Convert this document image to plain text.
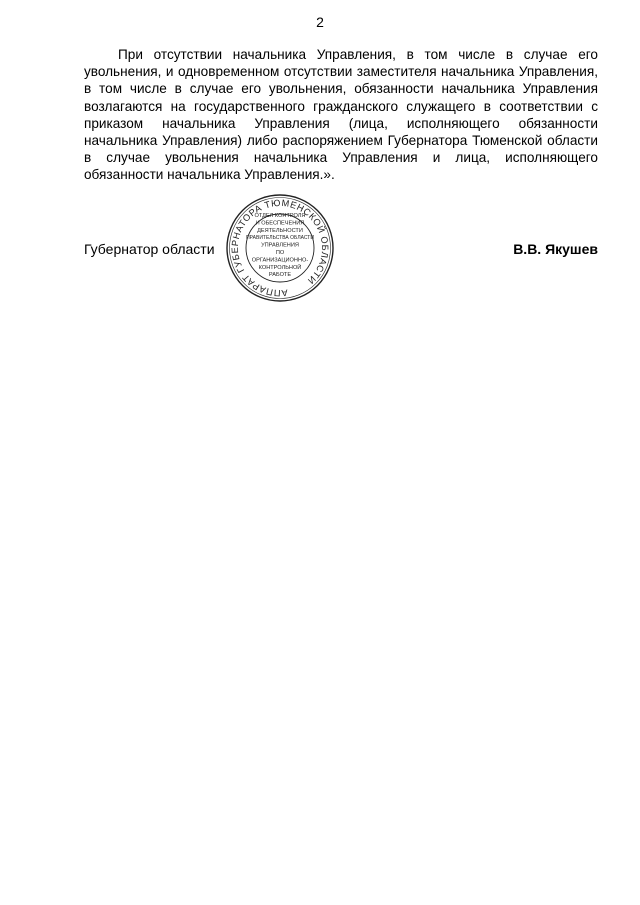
2

При отсутствии начальника Управления, в том числе в случае его увольнения, и одновременном отсутствии заместителя начальника Управления, в том числе в случае его увольнения, обязанности начальника Управления возлагаются на государственного гражданского служащего в соответствии с приказом начальника Управления (лица, исполняющего обязанности начальника Управления) либо распоряжением Губернатора Тюменской области в случае увольнения начальника Управления и лица, исполняющего обязанности начальника Управления.».

Губернатор области	В.В. Якушев
АППАРАТ ГУБЕРНАТОРА ТЮМЕНСКОЙ ОБЛАСТИ
ОТДЕЛ КОНТРОЛЯ
И ОБЕСПЕЧЕНИЯ
ДЕЯТЕЛЬНОСТИ
ПРАВИТЕЛЬСТВА ОБЛАСТИ
УПРАВЛЕНИЯ
ПО
ОРГАНИЗАЦИОННО-
КОНТРОЛЬНОЙ
РАБОТЕ
